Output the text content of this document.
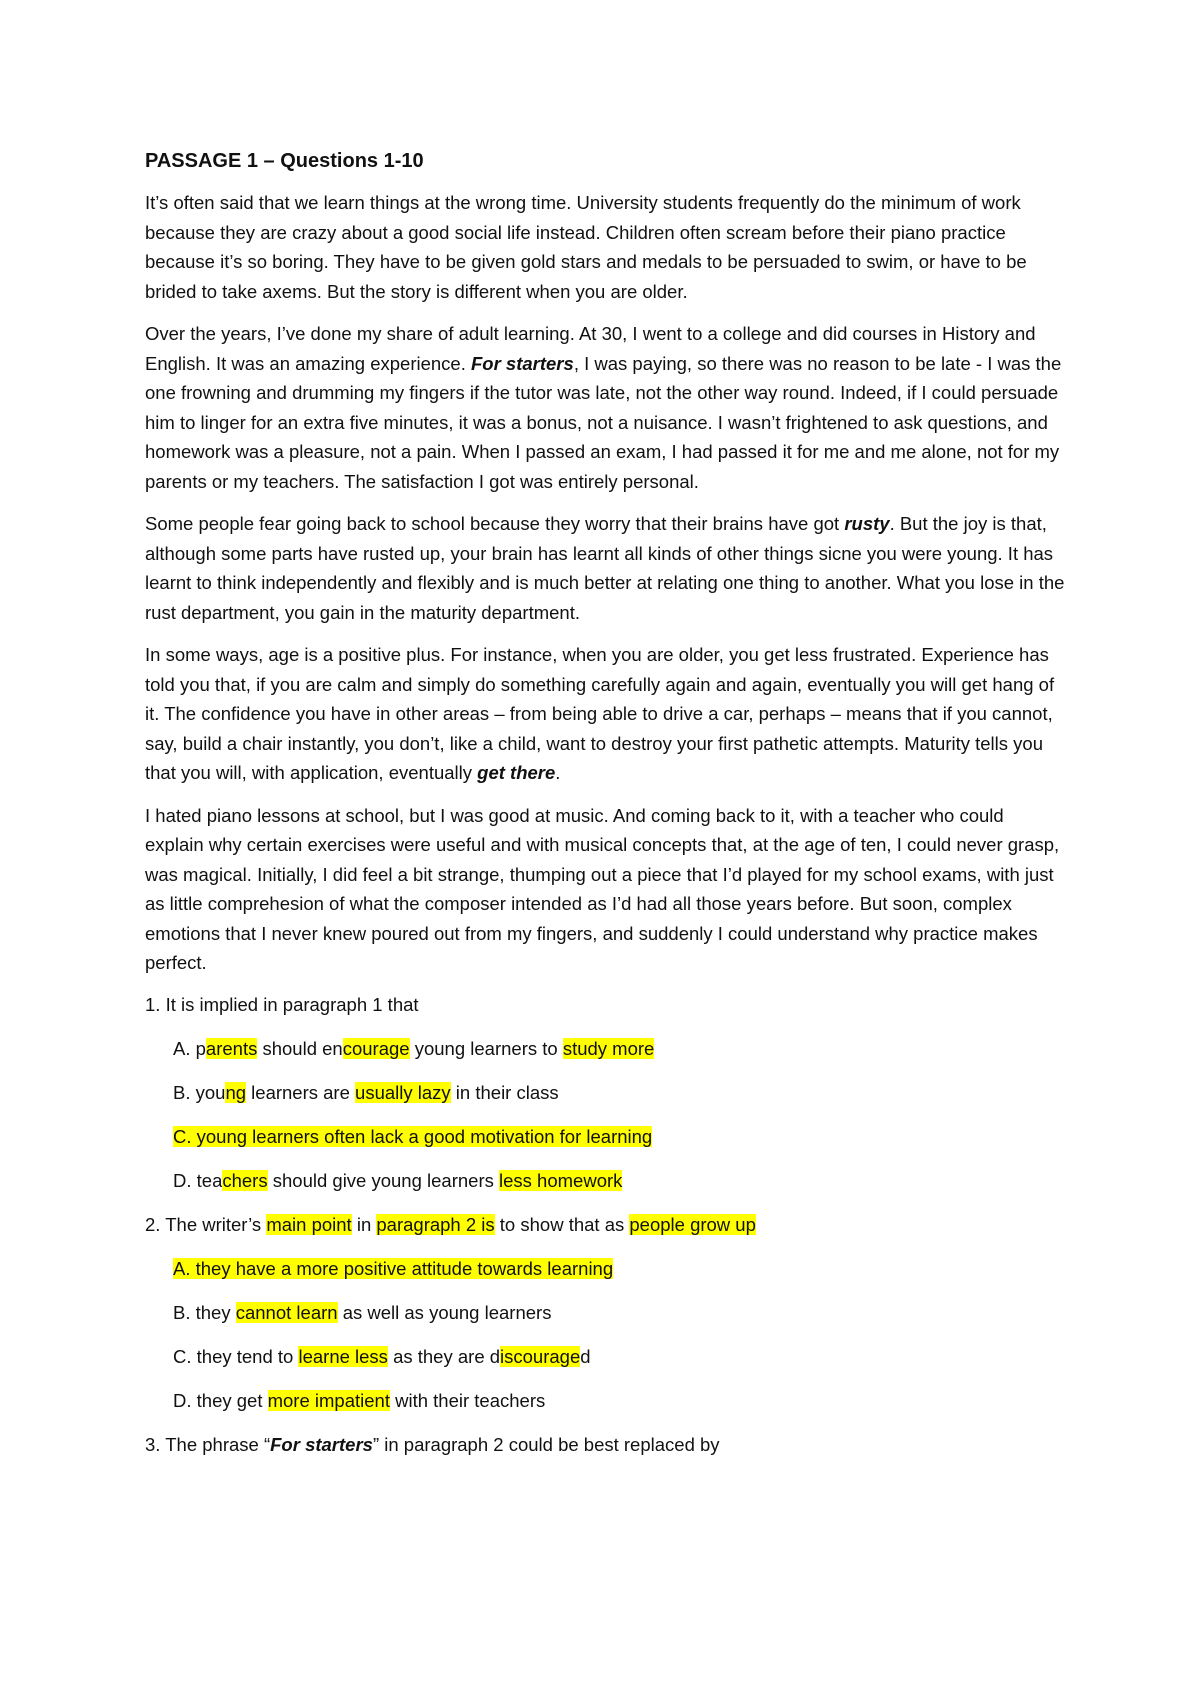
PASSAGE 1 – Questions 1-10

It’s often said that we learn things at the wrong time. University students frequently do the minimum of work because they are crazy about a good social life instead. Children often scream before their piano practice because it’s so boring. They have to be given gold stars and medals to be persuaded to swim, or have to be brided to take axems. But the story is different when you are older.

Over the years, I’ve done my share of adult learning. At 30, I went to a college and did courses in History and English. It was an amazing experience. For starters, I was paying, so there was no reason to be late - I was the one frowning and drumming my fingers if the tutor was late, not the other way round. Indeed, if I could persuade him to linger for an extra five minutes, it was a bonus, not a nuisance. I wasn’t frightened to ask questions, and homework was a pleasure, not a pain. When I passed an exam, I had passed it for me and me alone, not for my parents or my teachers. The satisfaction I got was entirely personal.

Some people fear going back to school because they worry that their brains have got rusty. But the joy is that, although some parts have rusted up, your brain has learnt all kinds of other things sicne you were young. It has learnt to think independently and flexibly and is much better at relating one thing to another. What you lose in the rust department, you gain in the maturity department.

In some ways, age is a positive plus. For instance, when you are older, you get less frustrated. Experience has told you that, if you are calm and simply do something carefully again and again, eventually you will get hang of it. The confidence you have in other areas – from being able to drive a car, perhaps – means that if you cannot, say, build a chair instantly, you don’t, like a child, want to destroy your first pathetic attempts. Maturity tells you that you will, with application, eventually get there.

I hated piano lessons at school, but I was good at music. And coming back to it, with a teacher who could explain why certain exercises were useful and with musical concepts that, at the age of ten, I could never grasp, was magical. Initially, I did feel a bit strange, thumping out a piece that I’d played for my school exams, with just as little comprehesion of what the composer intended as I’d had all those years before. But soon, complex emotions that I never knew poured out from my fingers, and suddenly I could understand why practice makes perfect.

1. It is implied in paragraph 1 that
A. parents should encourage young learners to study more
B. young learners are usually lazy in their class
C. young learners often lack a good motivation for learning
D. teachers should give young learners less homework
2. The writer’s main point in paragraph 2 is to show that as people grow up
A. they have a more positive attitude towards learning
B. they cannot learn as well as young learners
C. they tend to learne less as they are discouraged
D. they get more impatient with their teachers
3. The phrase “For starters” in paragraph 2 could be best replaced by
